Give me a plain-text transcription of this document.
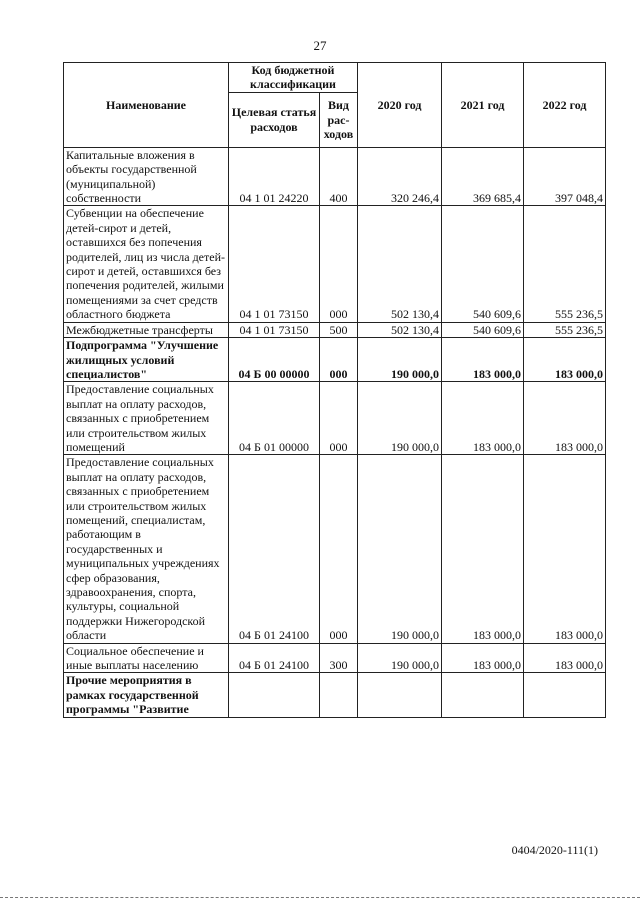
27
Наименование	Код бюджетной классификации		2020 год	2021 год	2022 год
	Целевая статья расходов	Вид рас-ходов			
Капитальные вложения в объекты государственной (муниципальной) собственности	04 1 01 24220	400	320 246,4	369 685,4	397 048,4
Субвенции на обеспечение детей-сирот и детей, оставшихся без попечения родителей, лиц из числа детей-сирот и детей, оставшихся без попечения родителей, жилыми помещениями за счет средств областного бюджета	04 1 01 73150	000	502 130,4	540 609,6	555 236,5
Межбюджетные трансферты	04 1 01 73150	500	502 130,4	540 609,6	555 236,5
Подпрограмма "Улучшение жилищных условий специалистов"	04 Б 00 00000	000	190 000,0	183 000,0	183 000,0
Предоставление социальных выплат на оплату расходов, связанных с приобретением или строительством жилых помещений	04 Б 01 00000	000	190 000,0	183 000,0	183 000,0
Предоставление социальных выплат на оплату расходов, связанных с приобретением или строительством жилых помещений, специалистам, работающим в государственных и муниципальных учреждениях сфер образования, здравоохранения, спорта, культуры, социальной поддержки Нижегородской области	04 Б 01 24100	000	190 000,0	183 000,0	183 000,0
Социальное обеспечение и иные выплаты населению	04 Б 01 24100	300	190 000,0	183 000,0	183 000,0
Прочие мероприятия в рамках государственной программы "Развитие					
0404/2020-111(1)
